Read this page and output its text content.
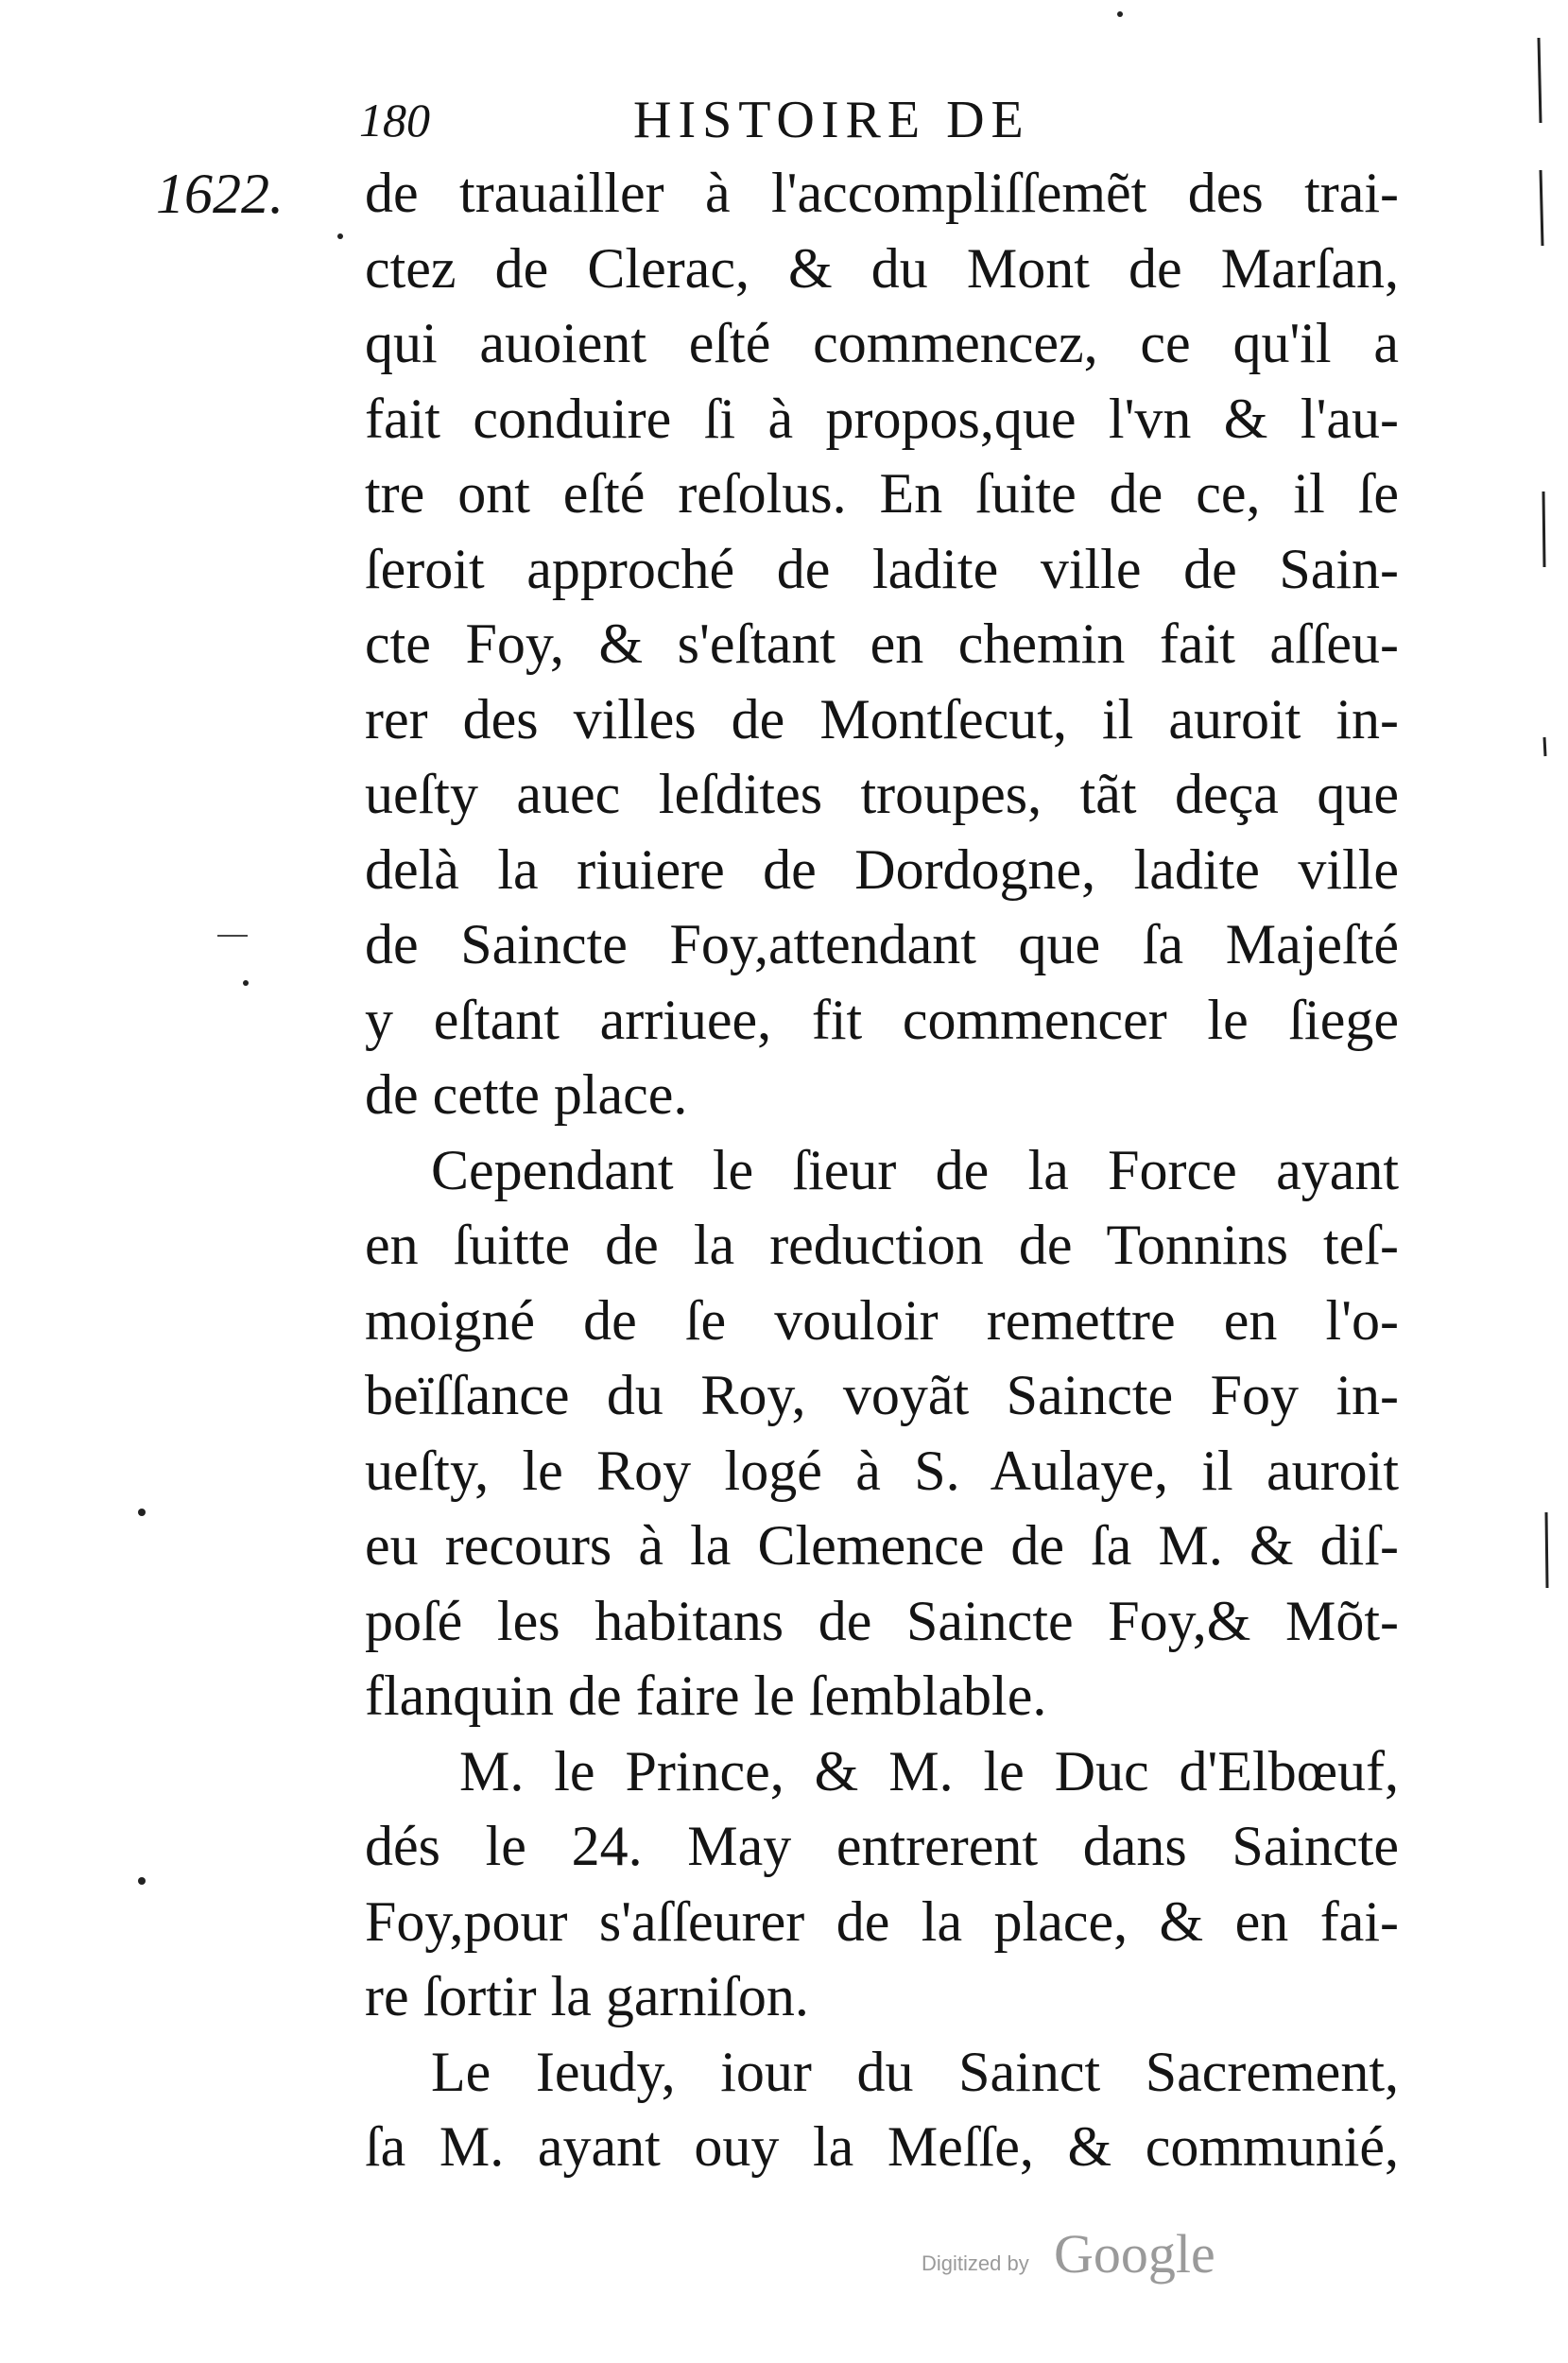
180	HISTOIRE DE
1622. de trauailler à l'accompliſſemẽt des trai-
ctez de Clerac, & du Mont de Marſan,
qui auoient eſté commencez, ce qu'il a
fait conduire ſi à propos,que l'vn & l'au-
tre ont eſté reſolus. En ſuite de ce, il ſe
ſeroit approché de ladite ville de Sain-
cte Foy, & s'eſtant en chemin fait aſſeu-
rer des villes de Montſecut, il auroit in-
ueſty auec leſdites troupes, tãt deça que
delà la riuiere de Dordogne, ladite ville
de Saincte Foy,attendant que ſa Majeſté
y eſtant arriuee, fit commencer le ſiege
de cette place.
Cependant le ſieur de la Force ayant
en ſuitte de la reduction de Tonnins teſ-
moigné de ſe vouloir remettre en l'o-
beïſſance du Roy, voyãt Saincte Foy in-
ueſty, le Roy logé à S. Aulaye, il auroit
eu recours à la Clemence de ſa M. & diſ-
poſé les habitans de Saincte Foy,& Mõt-
flanquin de faire le ſemblable.
M. le Prince, & M. le Duc d'Elbœuf,
dés le 24. May entrerent dans Saincte
Foy,pour s'aſſeurer de la place, & en fai-
re ſortir la garniſon.
Le Ieudy, iour du Sainct Sacrement,
ſa M. ayant ouy la Meſſe, & communié,
Digitized by Google
